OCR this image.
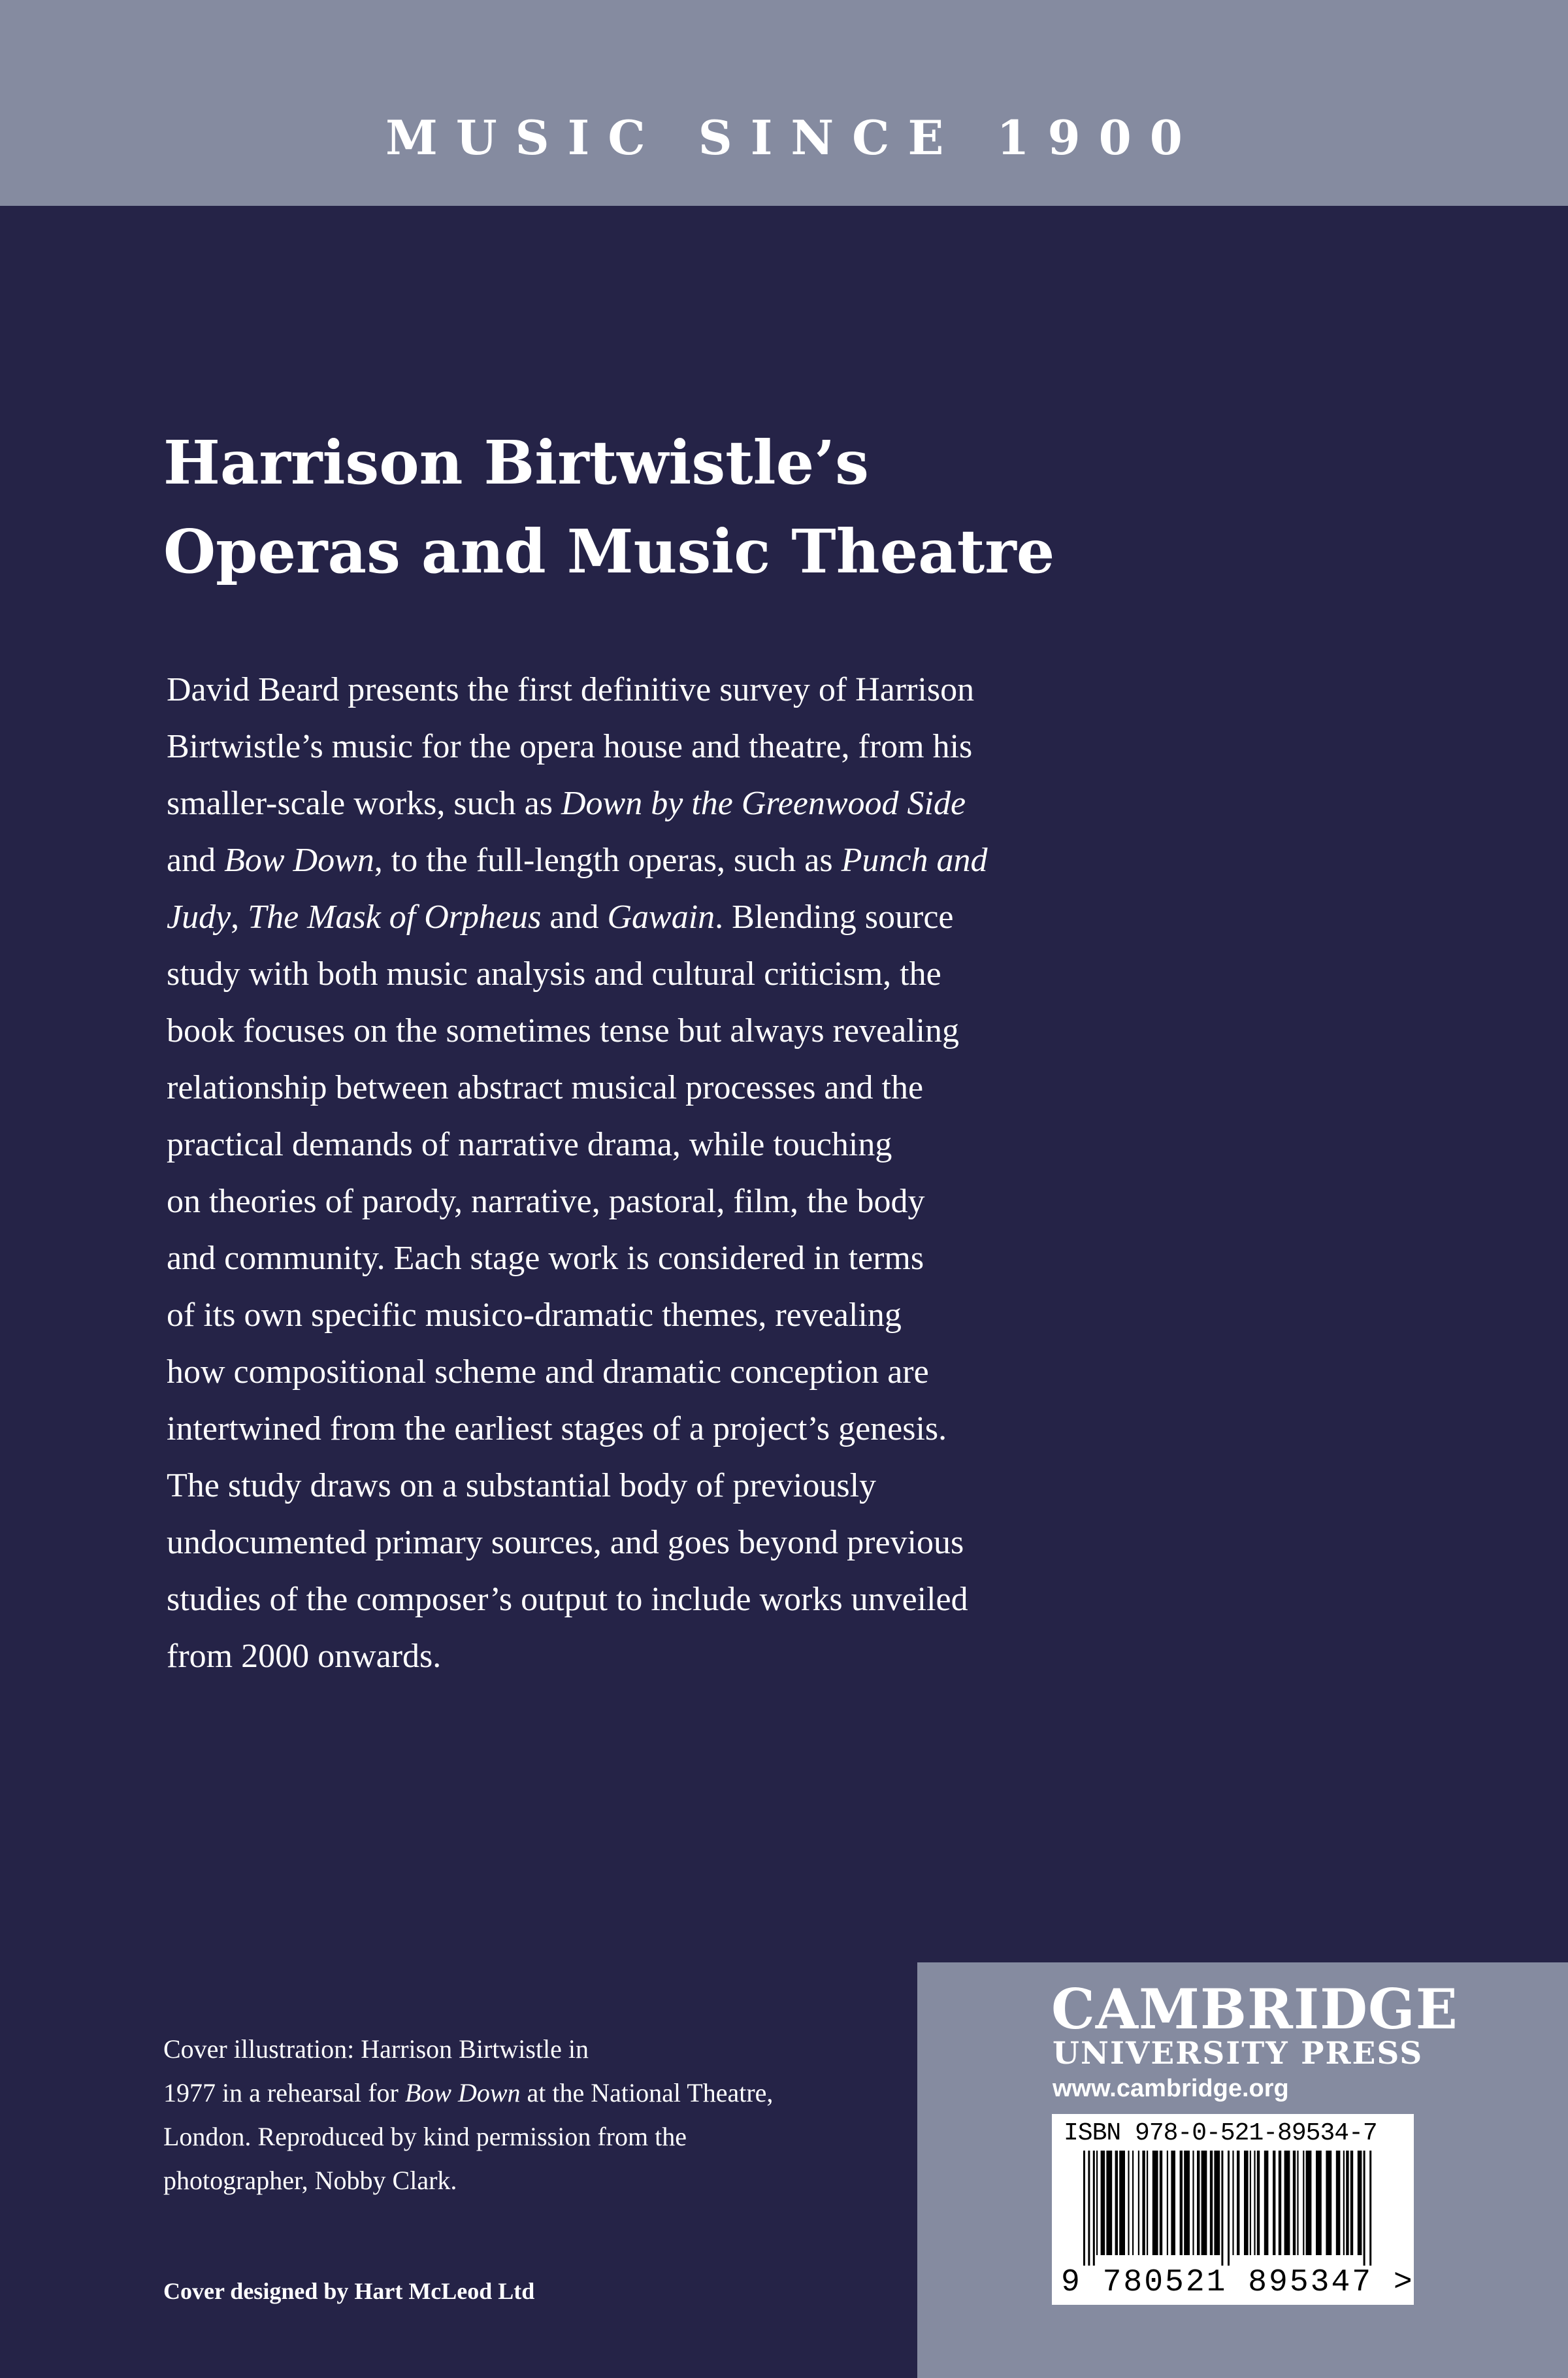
MUSIC SINCE 1900
Harrison Birtwistle’s
Operas and Music Theatre
David Beard presents the first definitive survey of Harrison
Birtwistle’s music for the opera house and theatre, from his
smaller-scale works, such as Down by the Greenwood Side
and Bow Down, to the full-length operas, such as Punch and
Judy, The Mask of Orpheus and Gawain. Blending source
study with both music analysis and cultural criticism, the
book focuses on the sometimes tense but always revealing
relationship between abstract musical processes and the
practical demands of narrative drama, while touching
on theories of parody, narrative, pastoral, film, the body
and community. Each stage work is considered in terms
of its own specific musico-dramatic themes, revealing
how compositional scheme and dramatic conception are
intertwined from the earliest stages of a project’s genesis.
The study draws on a substantial body of previously
undocumented primary sources, and goes beyond previous
studies of the composer’s output to include works unveiled
from 2000 onwards.
Cover illustration: Harrison Birtwistle in
1977 in a rehearsal for Bow Down at the National Theatre,
London. Reproduced by kind permission from the
photographer, Nobby Clark.
Cover designed by Hart McLeod Ltd
CAMBRIDGE
UNIVERSITY PRESS
www.cambridge.org
ISBN 978-0-521-89534-7
9 780521 895347 >
